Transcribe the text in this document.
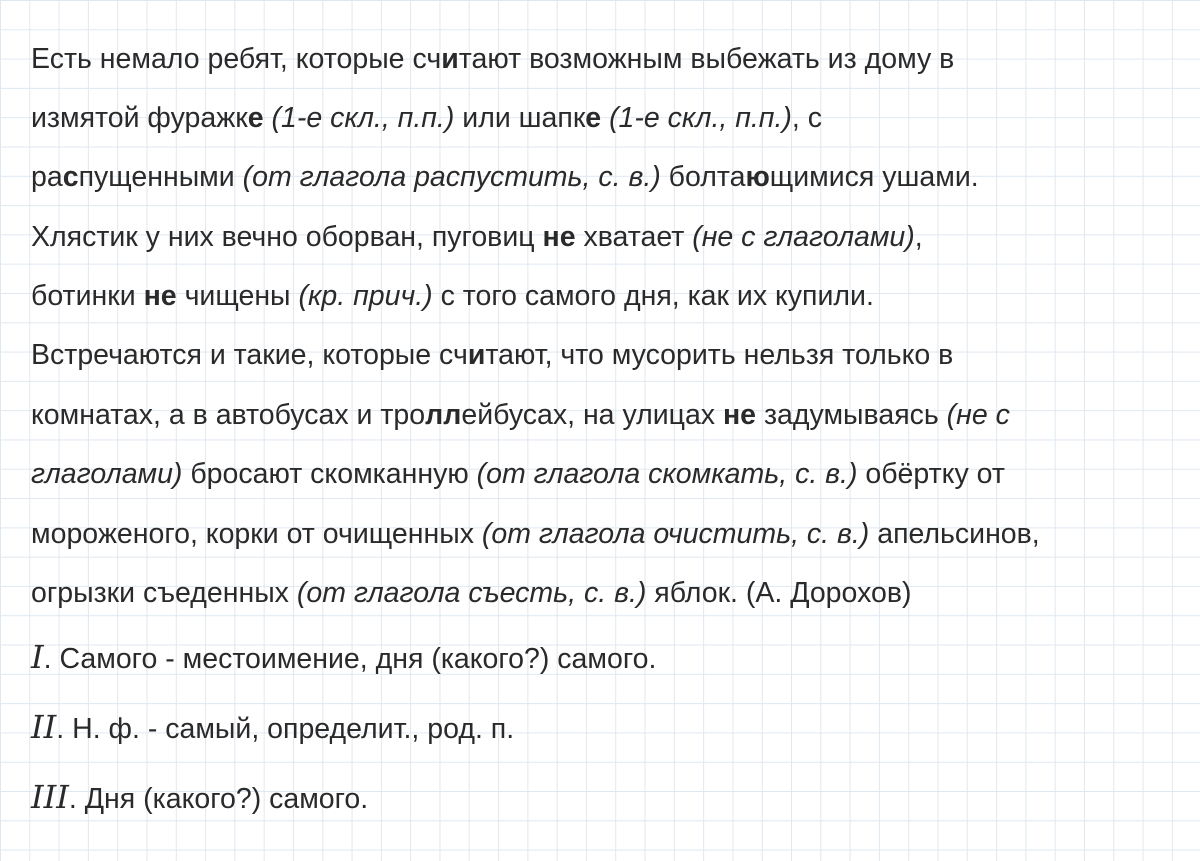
Есть немало ребят, которые считают возможным выбежать из дому в
измятой фуражке (1-е скл., п.п.) или шапке (1-е скл., п.п.), с
распущенными (от глагола распустить, с. в.) болтающимися ушами.
Хлястик у них вечно оборван, пуговиц не хватает (не с глаголами),
ботинки не чищены (кр. прич.) с того самого дня, как их купили.
Встречаются и такие, которые считают, что мусорить нельзя только в
комнатах, а в автобусах и троллейбусах, на улицах не задумываясь (не с
глаголами) бросают скомканную (от глагола скомкать, с. в.) обёртку от
мороженого, корки от очищенных (от глагола очистить, с. в.) апельсинов,
огрызки съеденных (от глагола съесть, с. в.) яблок. (А. Дорохов)
I. Самого - местоимение, дня (какого?) самого.
II. Н. ф. - самый, определит., род. п.
III. Дня (какого?) самого.
